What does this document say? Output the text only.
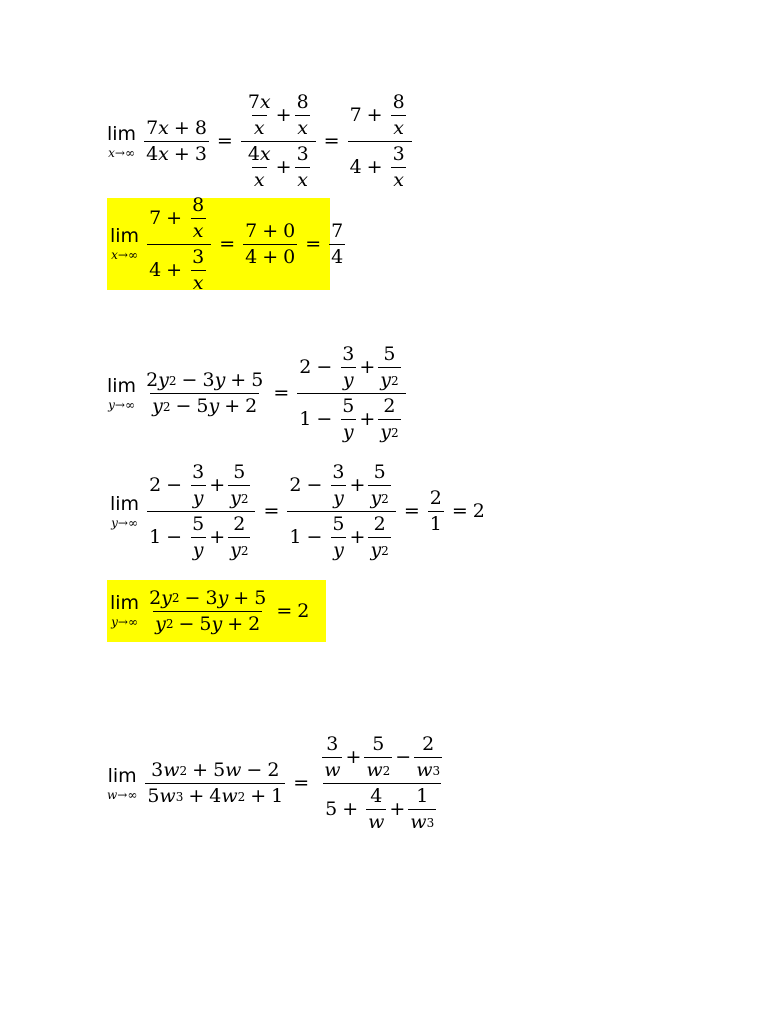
lim
$x\to\infty \frac{7 x + 8}{4 x + 3} = \frac{\frac{7 x}{x} + \frac{8}{x}}{\frac{4 x}{x} + \frac{3}{x}} = \frac{7 + \frac{8}{x}}{4 + \frac{3}{x}}$
lim
$x\to\infty \frac{7 + \frac{8}{x}}{4 + \frac{3}{x}} = \frac{7 + 0}{4 + 0} = \frac{7}{4}$
lim
$y\to\infty \frac{2 y 2 - 3 y + 5}{y 2 - 5 y + 2}$ =
$2 - \frac{3}{y} + \frac{5}{y 2}$
$1 - \frac{5}{y} + \frac{2}{y 2}$
lim
y→∞
$2 - \frac{3}{y} + \frac{5}{y 2}$
$1 - \frac{5}{y} + \frac{2}{y 2}$
=
$2 - \frac{3}{y} + \frac{5}{y 2}$
$1 - \frac{5}{y} + \frac{2}{y 2}$
= $\frac{2}{1} = 2$
lim
$y\to\infty \frac{2 y 2 - 3 y + 5}{y 2 - 5 y + 2} = 2$
lim
$w\to\infty \frac{3 w 2 + 5 w - 2}{5 w 3 + 4 w 2 + 1}$ =
$\frac{3}{w} + \frac{5}{w 2} - \frac{2}{w 3}$
$5 + \frac{4}{w} + \frac{1}{w 3}$
